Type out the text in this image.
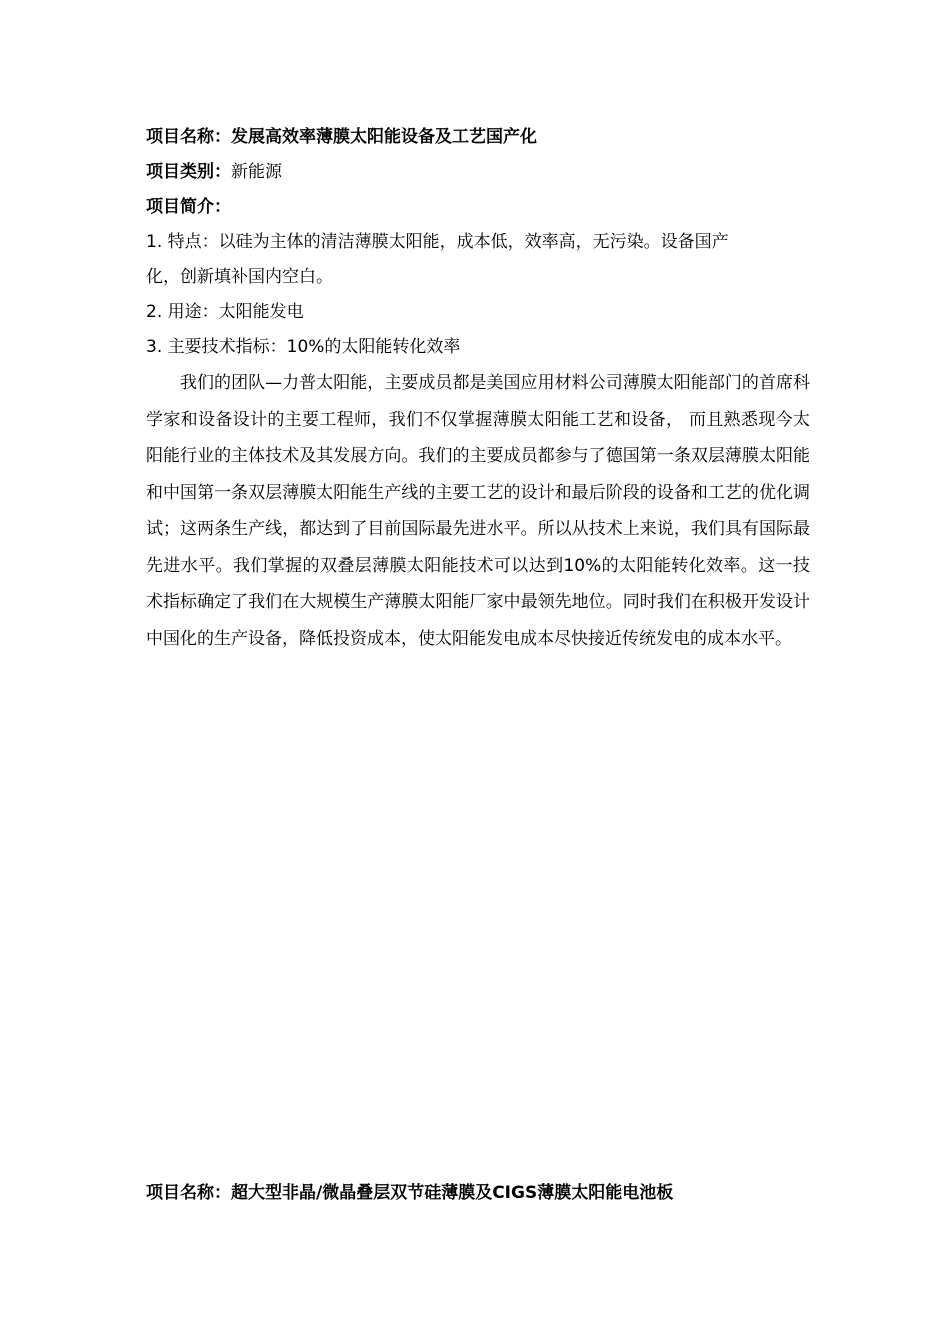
项目名称：发展高效率薄膜太阳能设备及工艺国产化
项目类别：新能源
项目简介：
1. 特点：以硅为主体的清洁薄膜太阳能，成本低，效率高，无污染。设备国产
化，创新填补国内空白。
2. 用途：太阳能发电
3. 主要技术指标：10%的太阳能转化效率

我们的团队—力普太阳能，主要成员都是美国应用材料公司薄膜太阳能部门的首席科学家和设备设计的主要工程师，我们不仅掌握薄膜太阳能工艺和设备， 而且熟悉现今太阳能行业的主体技术及其发展方向。我们的主要成员都参与了德国第一条双层薄膜太阳能和中国第一条双层薄膜太阳能生产线的主要工艺的设计和最后阶段的设备和工艺的优化调试；这两条生产线，都达到了目前国际最先进水平。所以从技术上来说，我们具有国际最先进水平。我们掌握的双叠层薄膜太阳能技术可以达到10%的太阳能转化效率。这一技术指标确定了我们在大规模生产薄膜太阳能厂家中最领先地位。同时我们在积极开发设计中国化的生产设备，降低投资成本，使太阳能发电成本尽快接近传统发电的成本水平。

项目名称：超大型非晶/微晶叠层双节硅薄膜及CIGS薄膜太阳能电池板
